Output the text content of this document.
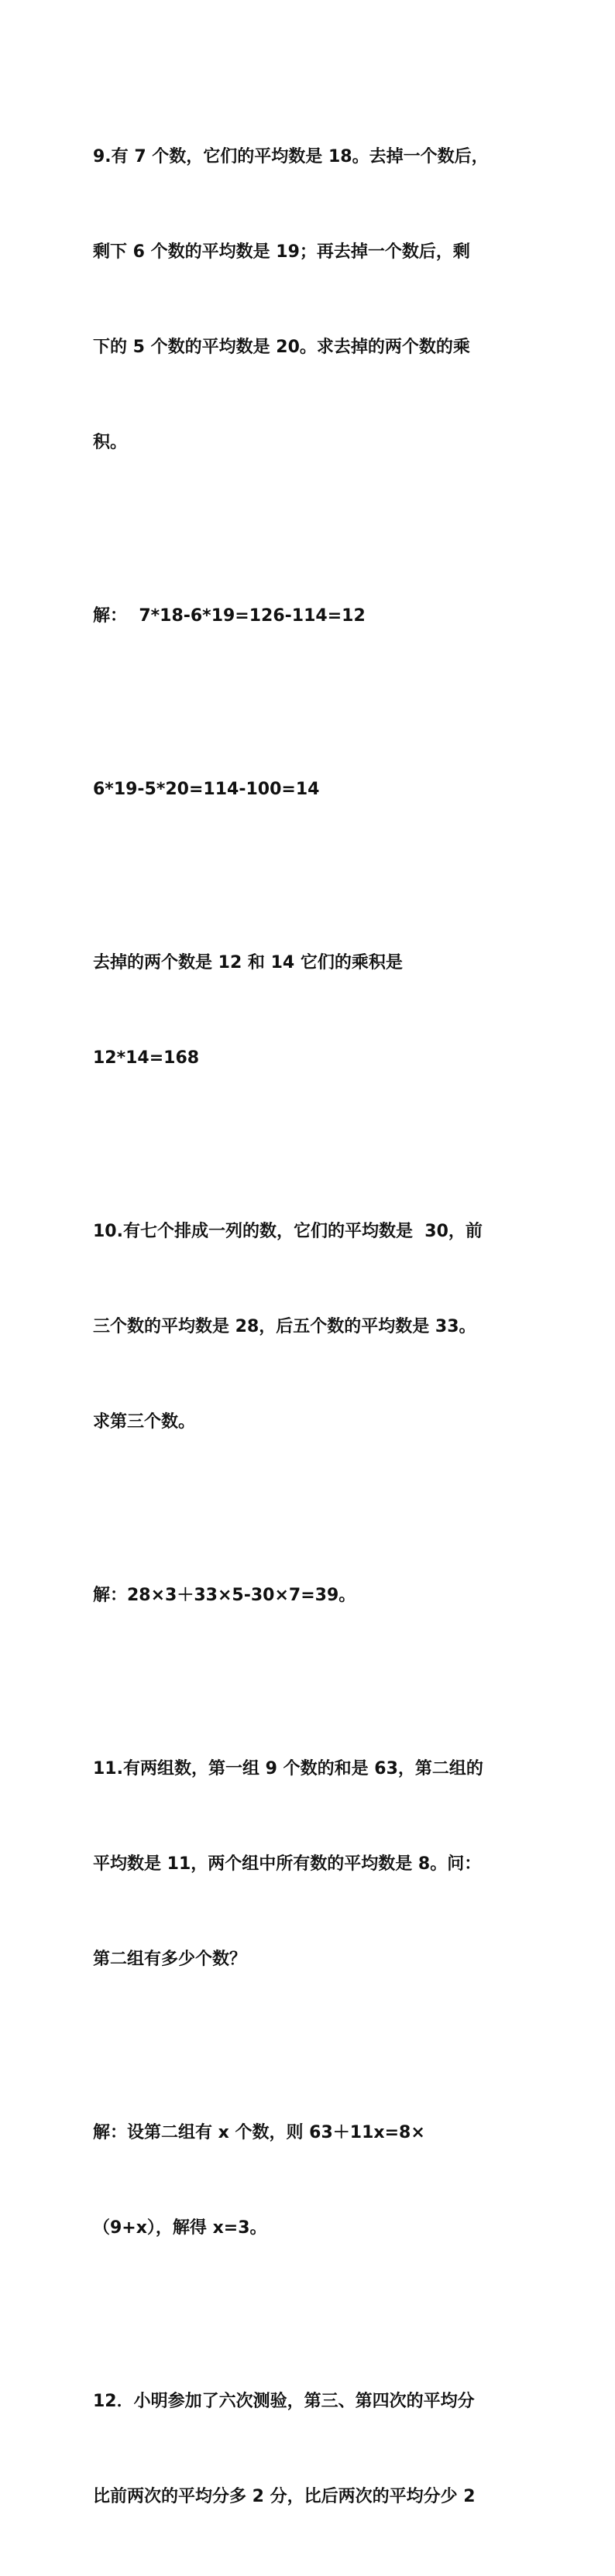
9.有 7 个数，它们的平均数是 18。去掉一个数后，

剩下 6 个数的平均数是 19；再去掉一个数后，剩

下的 5 个数的平均数是 20。求去掉的两个数的乘

积。

解：  7*18-6*19=126-114=12

6*19-5*20=114-100=14

去掉的两个数是 12 和 14 它们的乘积是

12*14=168

10.有七个排成一列的数，它们的平均数是  30，前

三个数的平均数是 28，后五个数的平均数是 33。

求第三个数。

解：28×3＋33×5-30×7=39。

11.有两组数，第一组 9 个数的和是 63，第二组的

平均数是 11，两个组中所有数的平均数是 8。问：

第二组有多少个数？

解：设第二组有 x 个数，则 63＋11x=8×

（9+x），解得 x=3。

12．小明参加了六次测验，第三、第四次的平均分

比前两次的平均分多 2 分，比后两次的平均分少 2
